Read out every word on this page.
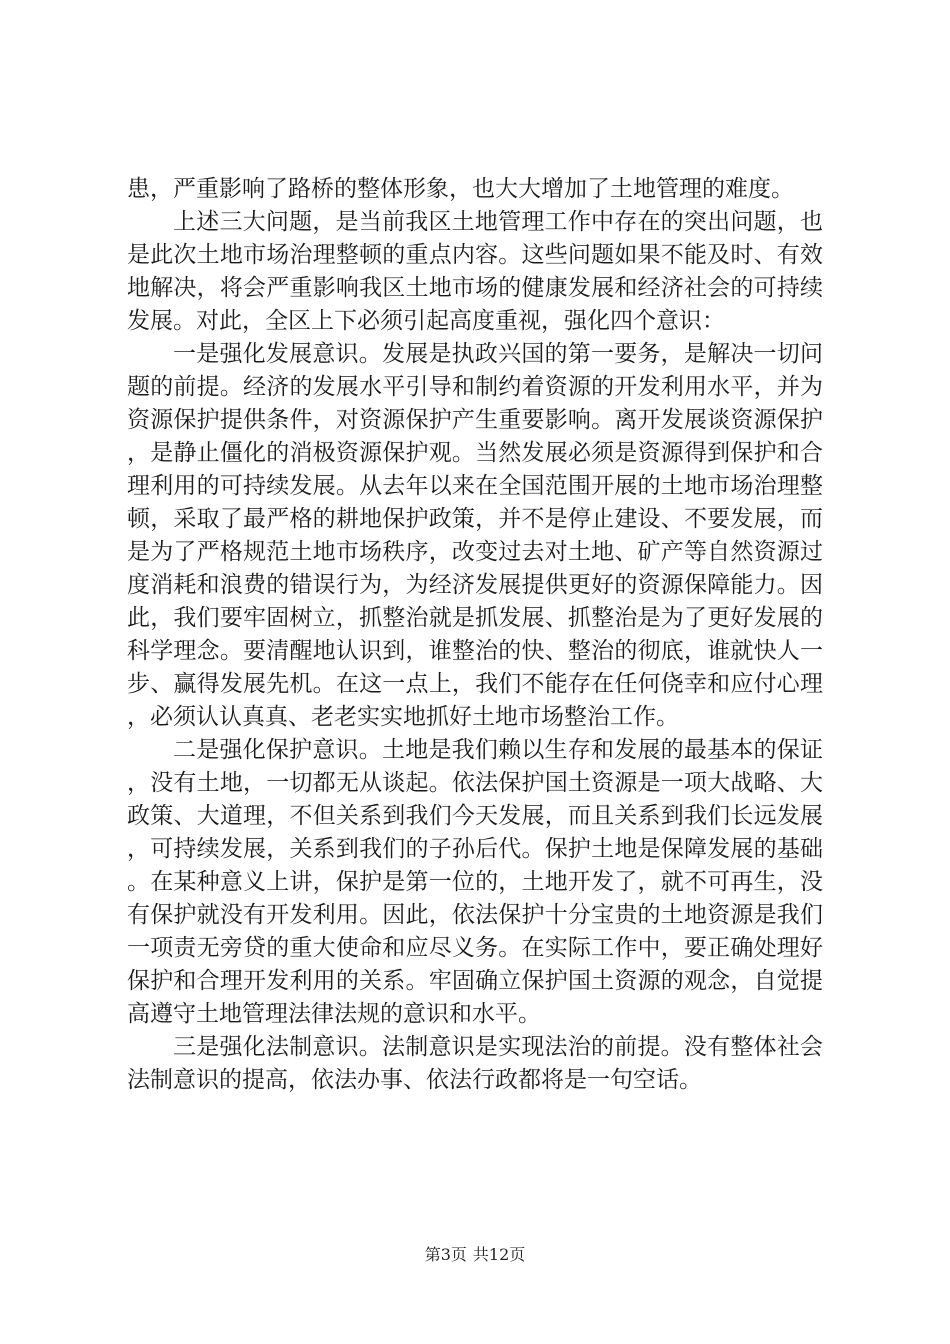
患，严重影响了路桥的整体形象，也大大增加了土地管理的难度。

上述三大问题，是当前我区土地管理工作中存在的突出问题，也是此次土地市场治理整顿的重点内容。这些问题如果不能及时、有效地解决，将会严重影响我区土地市场的健康发展和经济社会的可持续发展。对此，全区上下必须引起高度重视，强化四个意识：

一是强化发展意识。发展是执政兴国的第一要务，是解决一切问题的前提。经济的发展水平引导和制约着资源的开发利用水平，并为资源保护提供条件，对资源保护产生重要影响。离开发展谈资源保护，是静止僵化的消极资源保护观。当然发展必须是资源得到保护和合理利用的可持续发展。从去年以来在全国范围开展的土地市场治理整顿，采取了最严格的耕地保护政策，并不是停止建设、不要发展，而是为了严格规范土地市场秩序，改变过去对土地、矿产等自然资源过度消耗和浪费的错误行为，为经济发展提供更好的资源保障能力。因此，我们要牢固树立，抓整治就是抓发展、抓整治是为了更好发展的科学理念。要清醒地认识到，谁整治的快、整治的彻底，谁就快人一步、赢得发展先机。在这一点上，我们不能存在任何侥幸和应付心理，必须认认真真、老老实实地抓好土地市场整治工作。

二是强化保护意识。土地是我们赖以生存和发展的最基本的保证，没有土地，一切都无从谈起。依法保护国土资源是一项大战略、大政策、大道理，不但关系到我们今天发展，而且关系到我们长远发展，可持续发展，关系到我们的子孙后代。保护土地是保障发展的基础。在某种意义上讲，保护是第一位的，土地开发了，就不可再生，没有保护就没有开发利用。因此，依法保护十分宝贵的土地资源是我们一项责无旁贷的重大使命和应尽义务。在实际工作中，要正确处理好保护和合理开发利用的关系。牢固确立保护国土资源的观念，自觉提高遵守土地管理法律法规的意识和水平。

三是强化法制意识。法制意识是实现法治的前提。没有整体社会法制意识的提高，依法办事、依法行政都将是一句空话。

第3页 共12页
